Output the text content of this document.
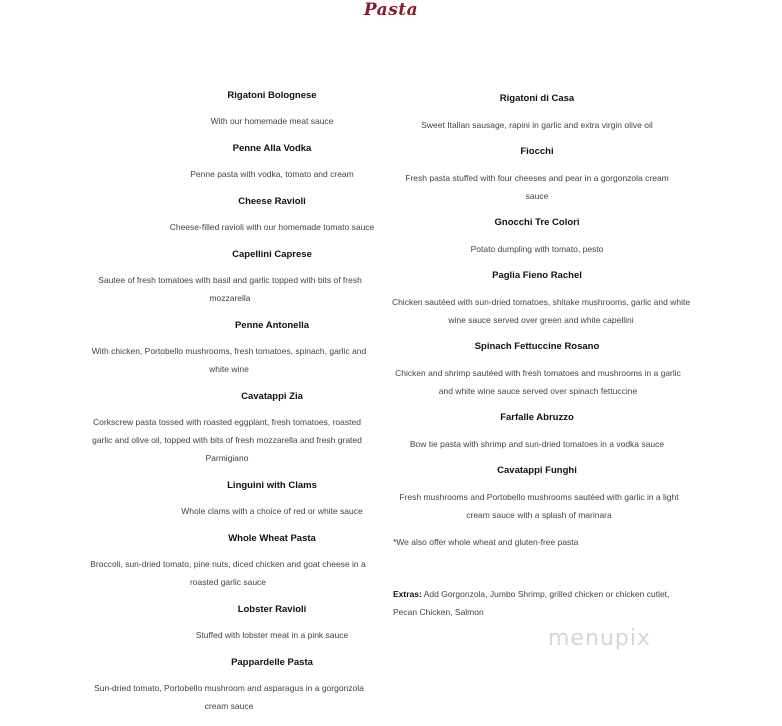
Pasta
Rigatoni Bolognese
With our homemade meat sauce
Penne Alla Vodka
Penne pasta with vodka, tomato and cream
Cheese Ravioli
Cheese-filled ravioli with our homemade tomato sauce
Capellini Caprese
Sautee of fresh tomatoes with basil and garlic topped with bits of fresh mozzarella
Penne Antonella
With chicken, Portobello mushrooms, fresh tomatoes, spinach, garlic and white wine
Cavatappi Zia
Corkscrew pasta tossed with roasted eggplant, fresh tomatoes, roasted garlic and olive oil, topped with bits of fresh mozzarella and fresh grated Parmigiano
Linguini with Clams
Whole clams with a choice of red or white sauce
Whole Wheat Pasta
Broccoli, sun-dried tomato, pine nuts, diced chicken and goat cheese in a roasted garlic sauce
Lobster Ravioli
Stuffed with lobster meat in a pink sauce
Pappardelle Pasta
Sun-dried tomato, Portobello mushroom and asparagus in a gorgonzola cream sauce
Rigatoni di Casa
Sweet Italian sausage, rapini in garlic and extra virgin olive oil
Fiocchi
Fresh pasta stuffed with four cheeses and pear in a gorgonzola cream sauce
Gnocchi Tre Colori
Potato dumpling with tomato, pesto
Paglia Fieno Rachel
Chicken sautéed with sun-dried tomatoes, shitake mushrooms, garlic and white wine sauce served over green and white capellini
Spinach Fettuccine Rosano
Chicken and shrimp sautéed with fresh tomatoes and mushrooms in a garlic and white wine sauce served over spinach fettuccine
Farfalle Abruzzo
Bow tie pasta with shrimp and sun-dried tomatoes in a vodka sauce
Cavatappi Funghi
Fresh mushrooms and Portobello mushrooms sautéed with garlic in a light cream sauce with a splash of marinara
*We also offer whole wheat and gluten-free pasta
Extras: Add Gorgonzola, Jumbo Shrimp, grilled chicken or chicken cutlet, Pecan Chicken, Salmon
menupix
